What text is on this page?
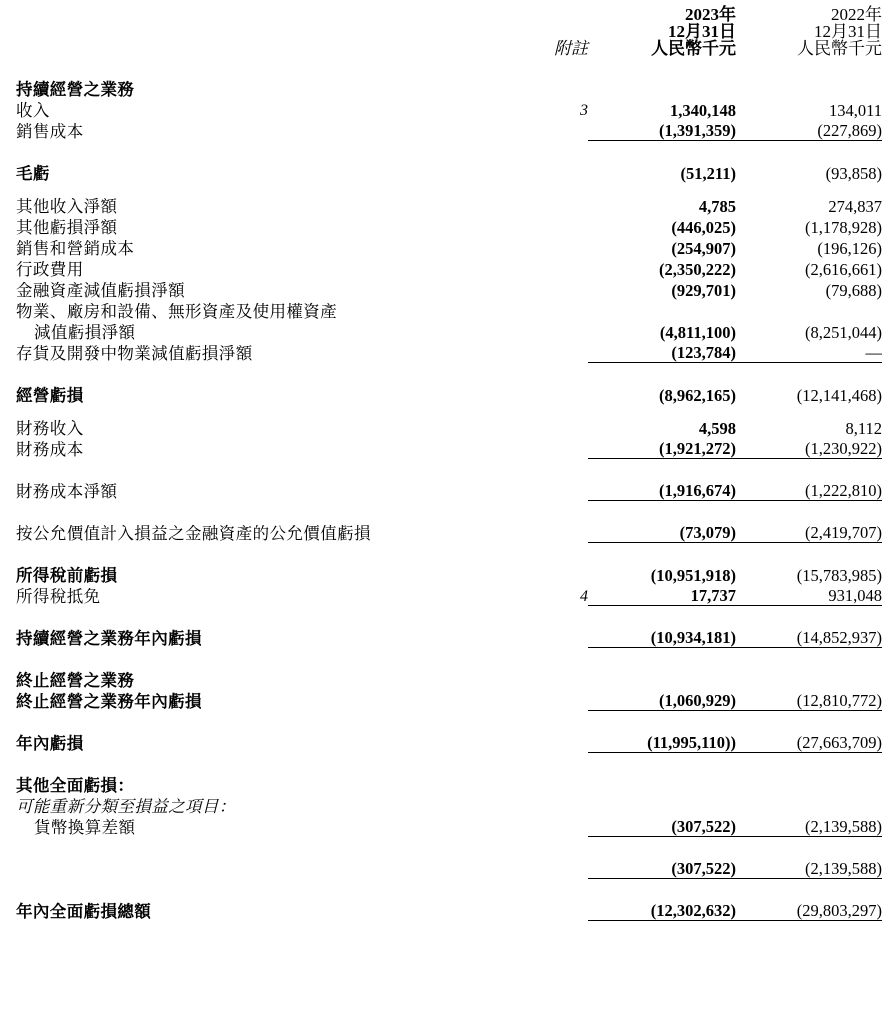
		2023年	2022年
		12月31日	12月31日
	附註	人民幣千元	人民幣千元

持續經營之業務			
收入	3	1,340,148	134,011
銷售成本		(1,391,359)	(227,869)

毛虧		(51,211)	(93,858)

其他收入淨額		4,785	274,837
其他虧損淨額		(446,025)	(1,178,928)
銷售和營銷成本		(254,907)	(196,126)
行政費用		(2,350,222)	(2,616,661)
金融資產減值虧損淨額		(929,701)	(79,688)
物業、廠房和設備、無形資產及使用權資產			
減值虧損淨額		(4,811,100)	(8,251,044)
存貨及開發中物業減值虧損淨額		(123,784)	—

經營虧損		(8,962,165)	(12,141,468)

財務收入		4,598	8,112
財務成本		(1,921,272)	(1,230,922)

財務成本淨額		(1,916,674)	(1,222,810)

按公允價值計入損益之金融資產的公允價值虧損		(73,079)	(2,419,707)

所得稅前虧損		(10,951,918)	(15,783,985)
所得稅抵免	4	17,737	931,048

持續經營之業務年內虧損		(10,934,181)	(14,852,937)

終止經營之業務			
終止經營之業務年內虧損		(1,060,929)	(12,810,772)

年內虧損		(11,995,110))	(27,663,709)

其他全面虧損：			
可能重新分類至損益之項目：			
貨幣換算差額		(307,522)	(2,139,588)

		(307,522)	(2,139,588)

年內全面虧損總額		(12,302,632)	(29,803,297)
